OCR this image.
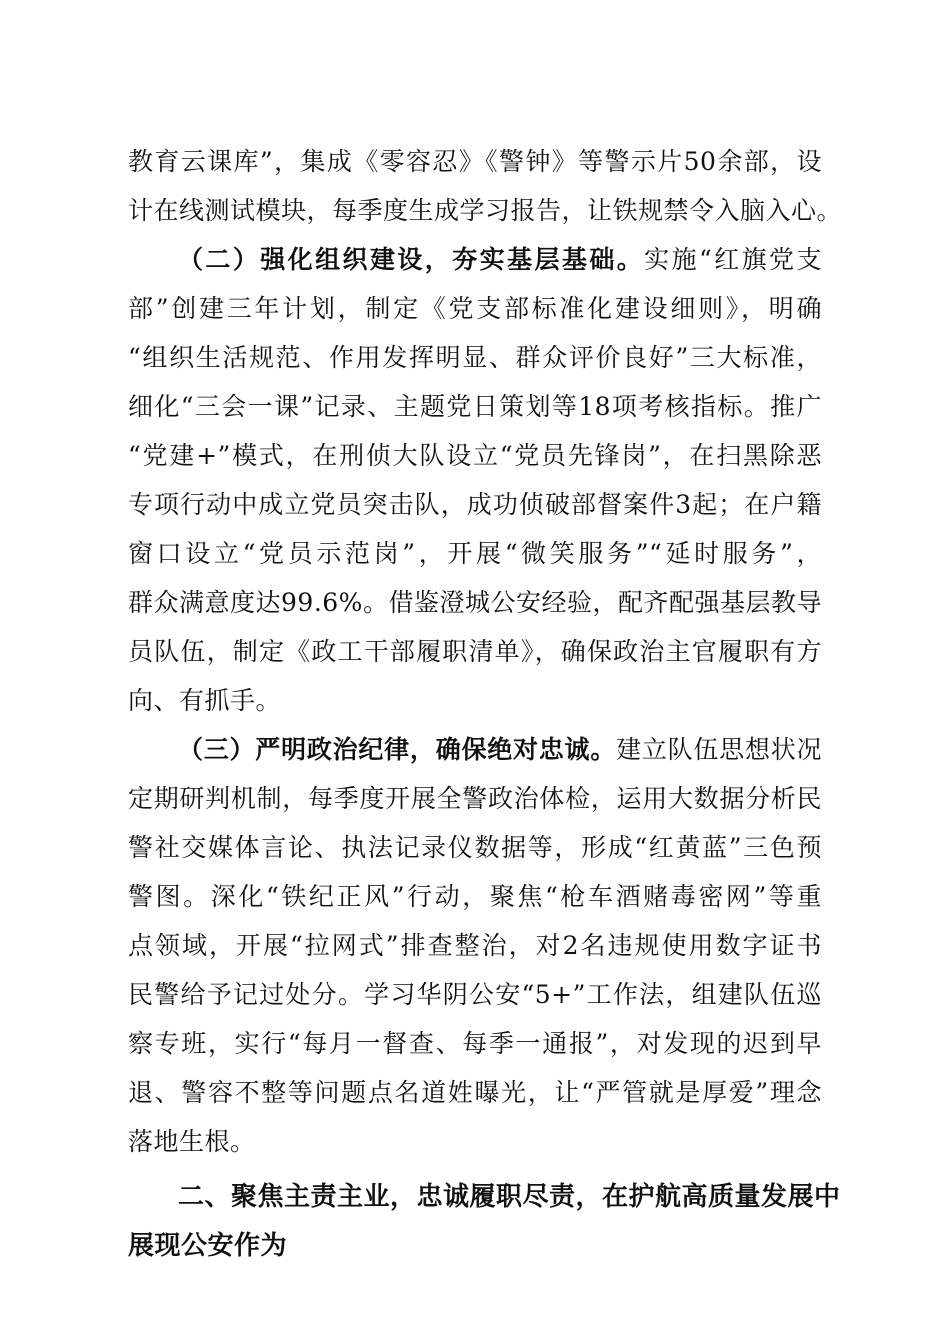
教育云课库”，集成《零容忍》《警钟》等警示片50余部，设
计在线测试模块，每季度生成学习报告，让铁规禁令入脑入心。
（二）强化组织建设，夯实基层基础。实施“红旗党支
部”创建三年计划，制定《党支部标准化建设细则》，明确
“组织生活规范、作用发挥明显、群众评价良好”三大标准，
细化“三会一课”记录、主题党日策划等18项考核指标。推广
“党建+”模式，在刑侦大队设立“党员先锋岗”，在扫黑除恶
专项行动中成立党员突击队，成功侦破部督案件3起；在户籍
窗口设立“党员示范岗”，开展“微笑服务”“延时服务”，
群众满意度达99.6%。借鉴澄城公安经验，配齐配强基层教导
员队伍，制定《政工干部履职清单》，确保政治主官履职有方
向、有抓手。
（三）严明政治纪律，确保绝对忠诚。建立队伍思想状况
定期研判机制，每季度开展全警政治体检，运用大数据分析民
警社交媒体言论、执法记录仪数据等，形成“红黄蓝”三色预
警图。深化“铁纪正风”行动，聚焦“枪车酒赌毒密网”等重
点领域，开展“拉网式”排查整治，对2名违规使用数字证书
民警给予记过处分。学习华阴公安“5+”工作法，组建队伍巡
察专班，实行“每月一督查、每季一通报”，对发现的迟到早
退、警容不整等问题点名道姓曝光，让“严管就是厚爱”理念
落地生根。
二、聚焦主责主业，忠诚履职尽责，在护航高质量发展中
展现公安作为
